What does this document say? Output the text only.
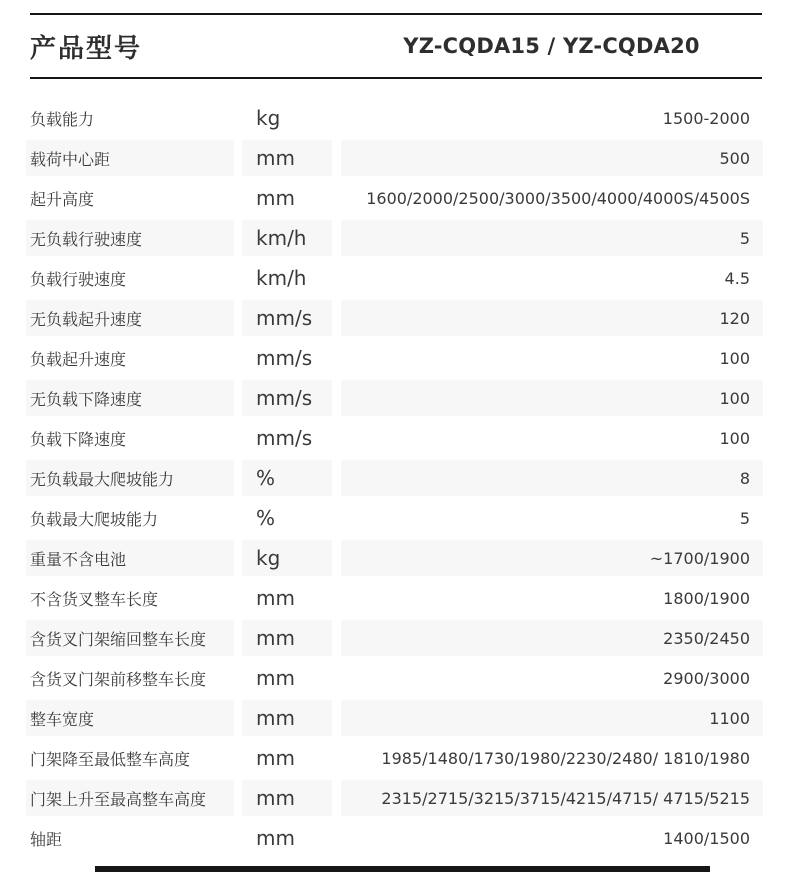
产品型号	YZ-CQDA15 / YZ-CQDA20
负载能力	kg	1500-2000
载荷中心距	mm	500
起升高度	mm	1600/2000/2500/3000/3500/4000/4000S/4500S
无负载行驶速度	km/h	5
负载行驶速度	km/h	4.5
无负载起升速度	mm/s	120
负载起升速度	mm/s	100
无负载下降速度	mm/s	100
负载下降速度	mm/s	100
无负载最大爬坡能力	%	8
负载最大爬坡能力	%	5
重量不含电池	kg	~1700/1900
不含货叉整车长度	mm	1800/1900
含货叉门架缩回整车长度	mm	2350/2450
含货叉门架前移整车长度	mm	2900/3000
整车宽度	mm	1100
门架降至最低整车高度	mm	1985/1480/1730/1980/2230/2480/ 1810/1980
门架上升至最高整车高度	mm	2315/2715/3215/3715/4215/4715/ 4715/5215
轴距	mm	1400/1500
